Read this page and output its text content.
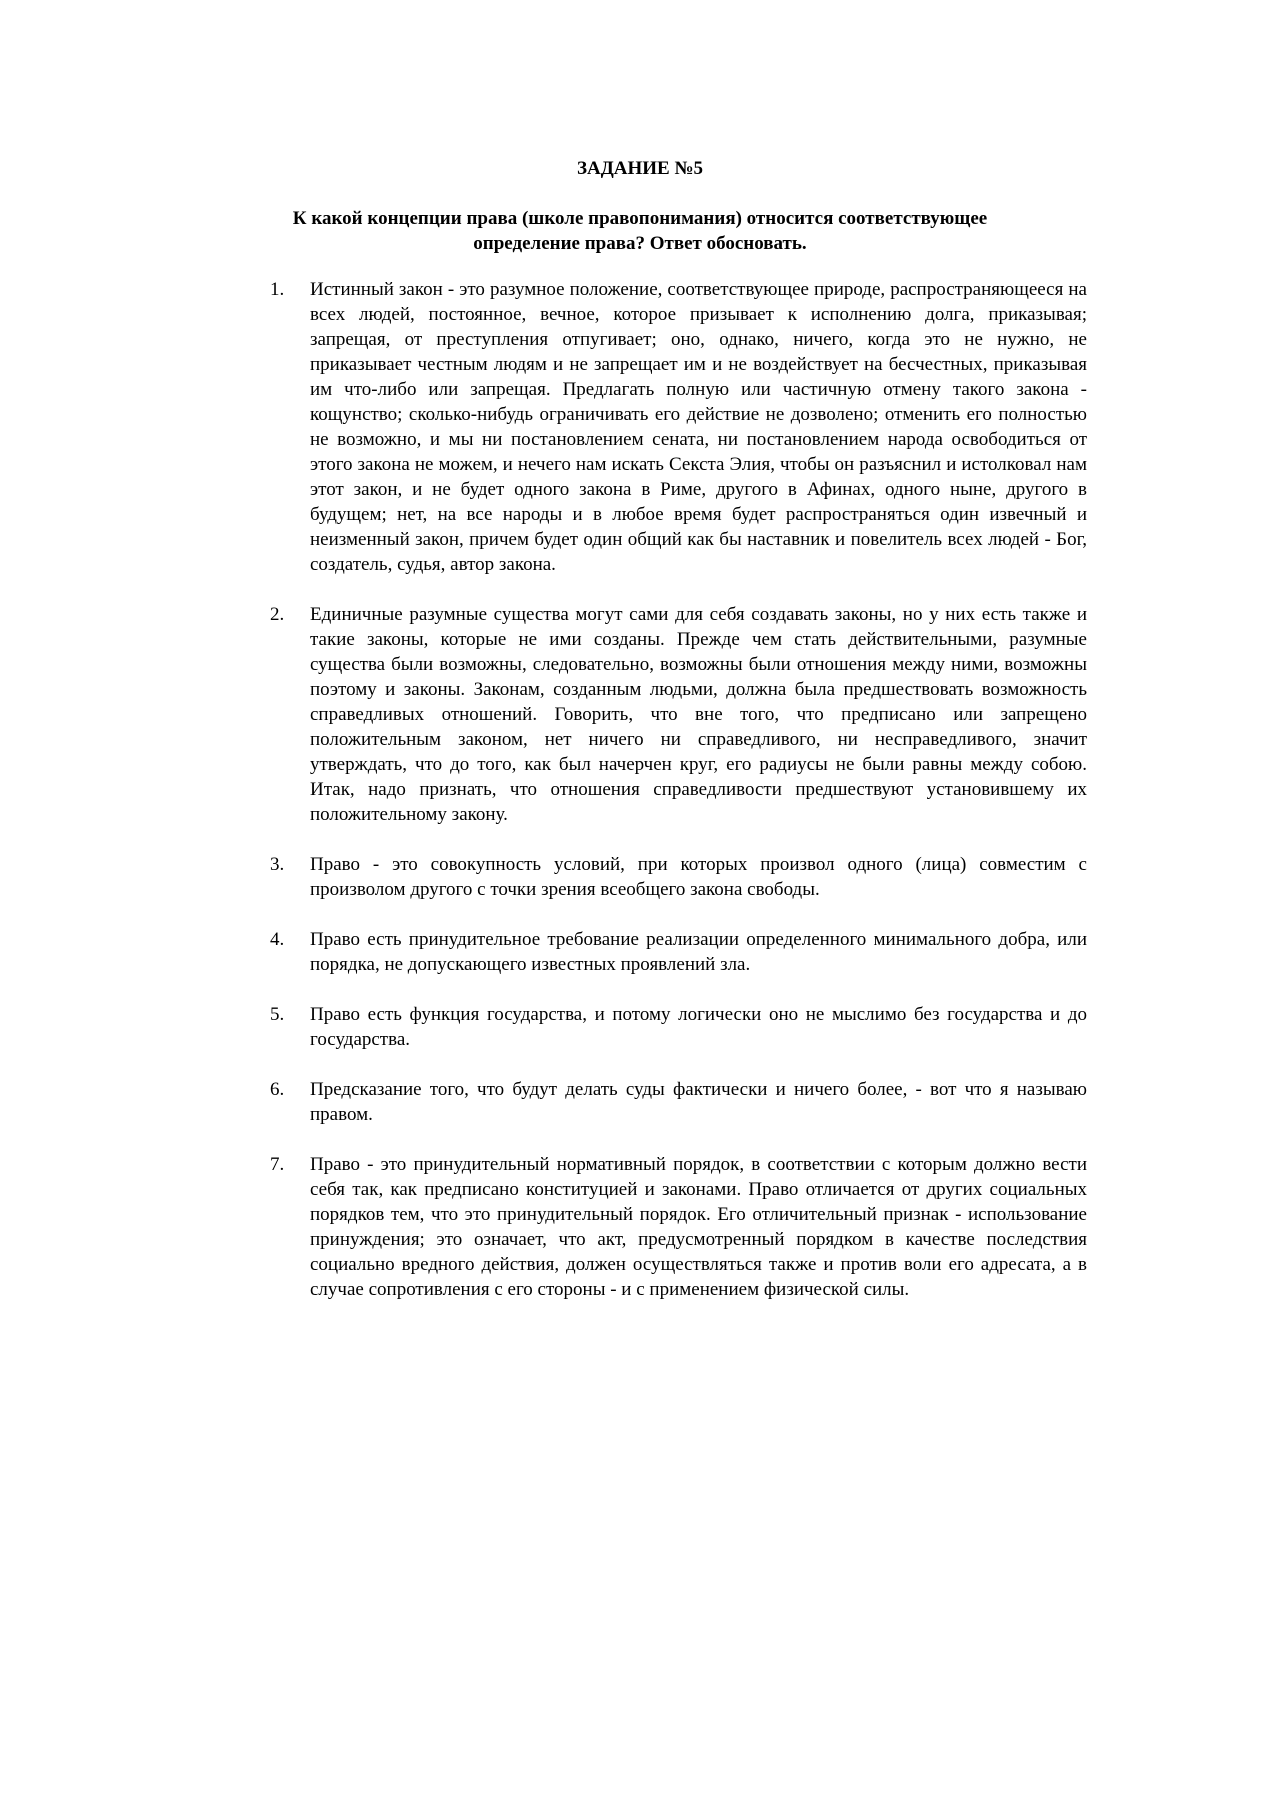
ЗАДАНИЕ №5

К какой концепции права (школе правопонимания) относится соответствующее определение права? Ответ обосновать.

1. Истинный закон - это разумное положение, соответствующее природе, распространяющееся на всех людей, постоянное, вечное, которое призывает к исполнению долга, приказывая; запрещая, от преступления отпугивает; оно, однако, ничего, когда это не нужно, не приказывает честным людям и не запрещает им и не воздействует на бесчестных, приказывая им что-либо или запрещая. Предлагать полную или частичную отмену такого закона - кощунство; сколько-нибудь ограничивать его действие не дозволено; отменить его полностью не возможно, и мы ни постановлением сената, ни постановлением народа освободиться от этого закона не можем, и нечего нам искать Секста Элия, чтобы он разъяснил и истолковал нам этот закон, и не будет одного закона в Риме, другого в Афинах, одного ныне, другого в будущем; нет, на все народы и в любое время будет распространяться один извечный и неизменный закон, причем будет один общий как бы наставник и повелитель всех людей - Бог, создатель, судья, автор закона.
2. Единичные разумные существа могут сами для себя создавать законы, но у них есть также и такие законы, которые не ими созданы. Прежде чем стать действительными, разумные существа были возможны, следовательно, возможны были отношения между ними, возможны поэтому и законы. Законам, созданным людьми, должна была предшествовать возможность справедливых отношений. Говорить, что вне того, что предписано или запрещено положительным законом, нет ничего ни справедливого, ни несправедливого, значит утверждать, что до того, как был начерчен круг, его радиусы не были равны между собою. Итак, надо признать, что отношения справедливости предшествуют установившему их положительному закону.
3. Право - это совокупность условий, при которых произвол одного (лица) совместим с произволом другого с точки зрения всеобщего закона свободы.
4. Право есть принудительное требование реализации определенного минимального добра, или порядка, не допускающего известных проявлений зла.
5. Право есть функция государства, и потому логически оно не мыслимо без государства и до государства.
6. Предсказание того, что будут делать суды фактически и ничего более, - вот что я называю правом.
7. Право - это принудительный нормативный порядок, в соответствии с которым должно вести себя так, как предписано конституцией и законами. Право отличается от других социальных порядков тем, что это принудительный порядок. Его отличительный признак - использование принуждения; это означает, что акт, предусмотренный порядком в качестве последствия социально вредного действия, должен осуществляться также и против воли его адресата, а в случае сопротивления с его стороны - и с применением физической силы.
